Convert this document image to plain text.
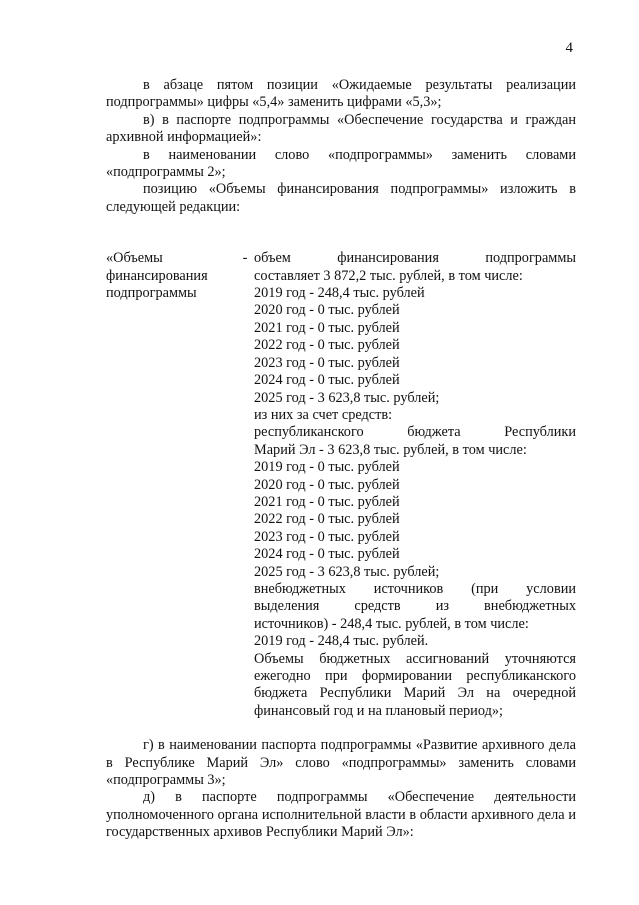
4

в абзаце пятом позиции «Ожидаемые результаты реализации подпрограммы» цифры «5,4» заменить цифрами «5,3»;

в) в паспорте подпрограммы «Обеспечение государства и граждан архивной информацией»:

в наименовании слово «подпрограммы» заменить словами «подпрограммы 2»;

позицию «Объемы финансирования подпрограммы» изложить в следующей редакции:

«Объемы
финансирования
подпрограммы
- объем финансирования подпрограммы
составляет 3 872,2 тыс. рублей, в том числе:
2019 год - 248,4 тыс. рублей
2020 год - 0 тыс. рублей
2021 год - 0 тыс. рублей
2022 год - 0 тыс. рублей
2023 год - 0 тыс. рублей
2024 год - 0 тыс. рублей
2025 год - 3 623,8 тыс. рублей;
из них за счет средств:
республиканского бюджета Республики
Марий Эл - 3 623,8 тыс. рублей, в том числе:
2019 год - 0 тыс. рублей
2020 год - 0 тыс. рублей
2021 год - 0 тыс. рублей
2022 год - 0 тыс. рублей
2023 год - 0 тыс. рублей
2024 год - 0 тыс. рублей
2025 год - 3 623,8 тыс. рублей;
внебюджетных источников (при условии
выделения средств из внебюджетных
источников) - 248,4 тыс. рублей, в том числе:
2019 год - 248,4 тыс. рублей.
Объемы бюджетных ассигнований уточняются ежегодно при формировании республиканского бюджета Республики Марий Эл на очередной финансовый год и на плановый период»;

г) в наименовании паспорта подпрограммы «Развитие архивного дела в Республике Марий Эл» слово «подпрограммы» заменить словами «подпрограммы 3»;

д) в паспорте подпрограммы «Обеспечение деятельности уполномоченного органа исполнительной власти в области архивного дела и государственных архивов Республики Марий Эл»:
